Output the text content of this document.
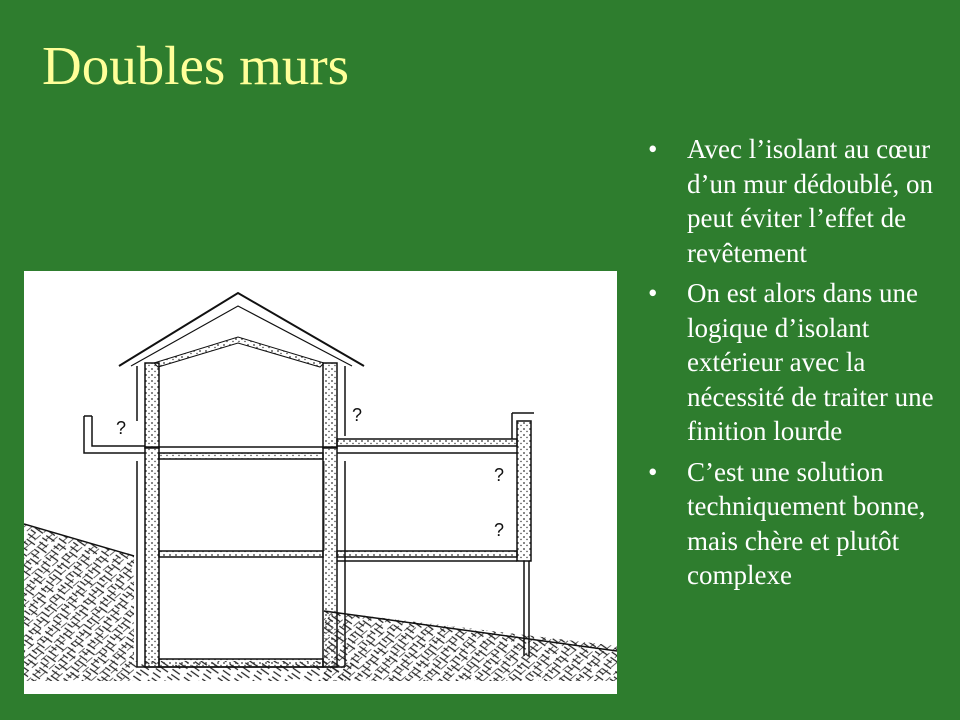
Doubles murs
?
?
?
?
• Avec l’isolant au cœur d’un mur dédoublé, on peut éviter l’effet de revêtement
• On est alors dans une logique d’isolant extérieur avec la nécessité de traiter une finition lourde
• C’est une solution techniquement bonne, mais chère et plutôt complexe
